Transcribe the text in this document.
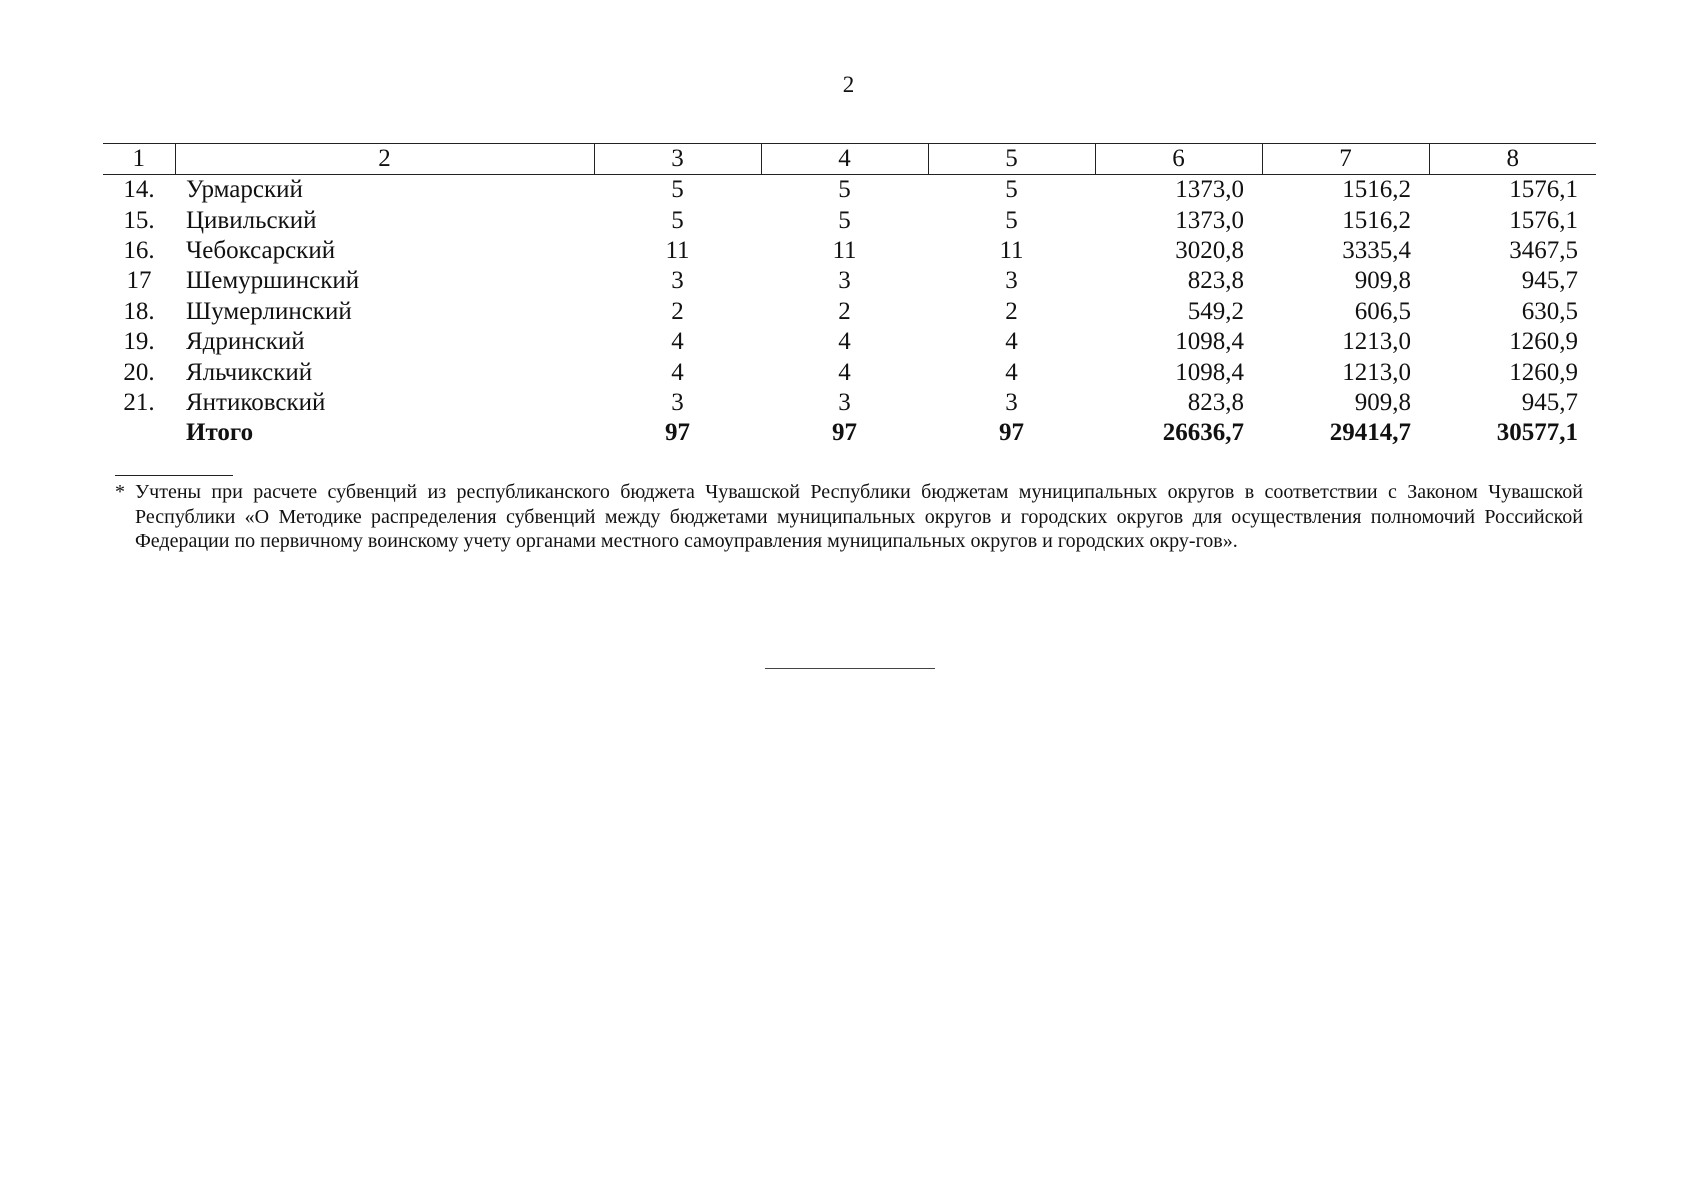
2
1	2	3	4	5	6	7	8
14.	Урмарский	5	5	5	1373,0	1516,2	1576,1
15.	Цивильский	5	5	5	1373,0	1516,2	1576,1
16.	Чебоксарский	11	11	11	3020,8	3335,4	3467,5
17	Шемуршинский	3	3	3	823,8	909,8	945,7
18.	Шумерлинский	2	2	2	549,2	606,5	630,5
19.	Ядринский	4	4	4	1098,4	1213,0	1260,9
20.	Яльчикский	4	4	4	1098,4	1213,0	1260,9
21.	Янтиковский	3	3	3	823,8	909,8	945,7
	Итого	97	97	97	26636,7	29414,7	30577,1
* Учтены при расчете субвенций из республиканского бюджета Чувашской Республики бюджетам муниципальных округов в соответствии с Законом Чувашской Республики «О Методике распределения субвенций между бюджетами муниципальных округов и городских округов для осуществления полномочий Российской Федерации по первичному воинскому учету органами местного самоуправления муниципальных округов и городских окру-гов».
